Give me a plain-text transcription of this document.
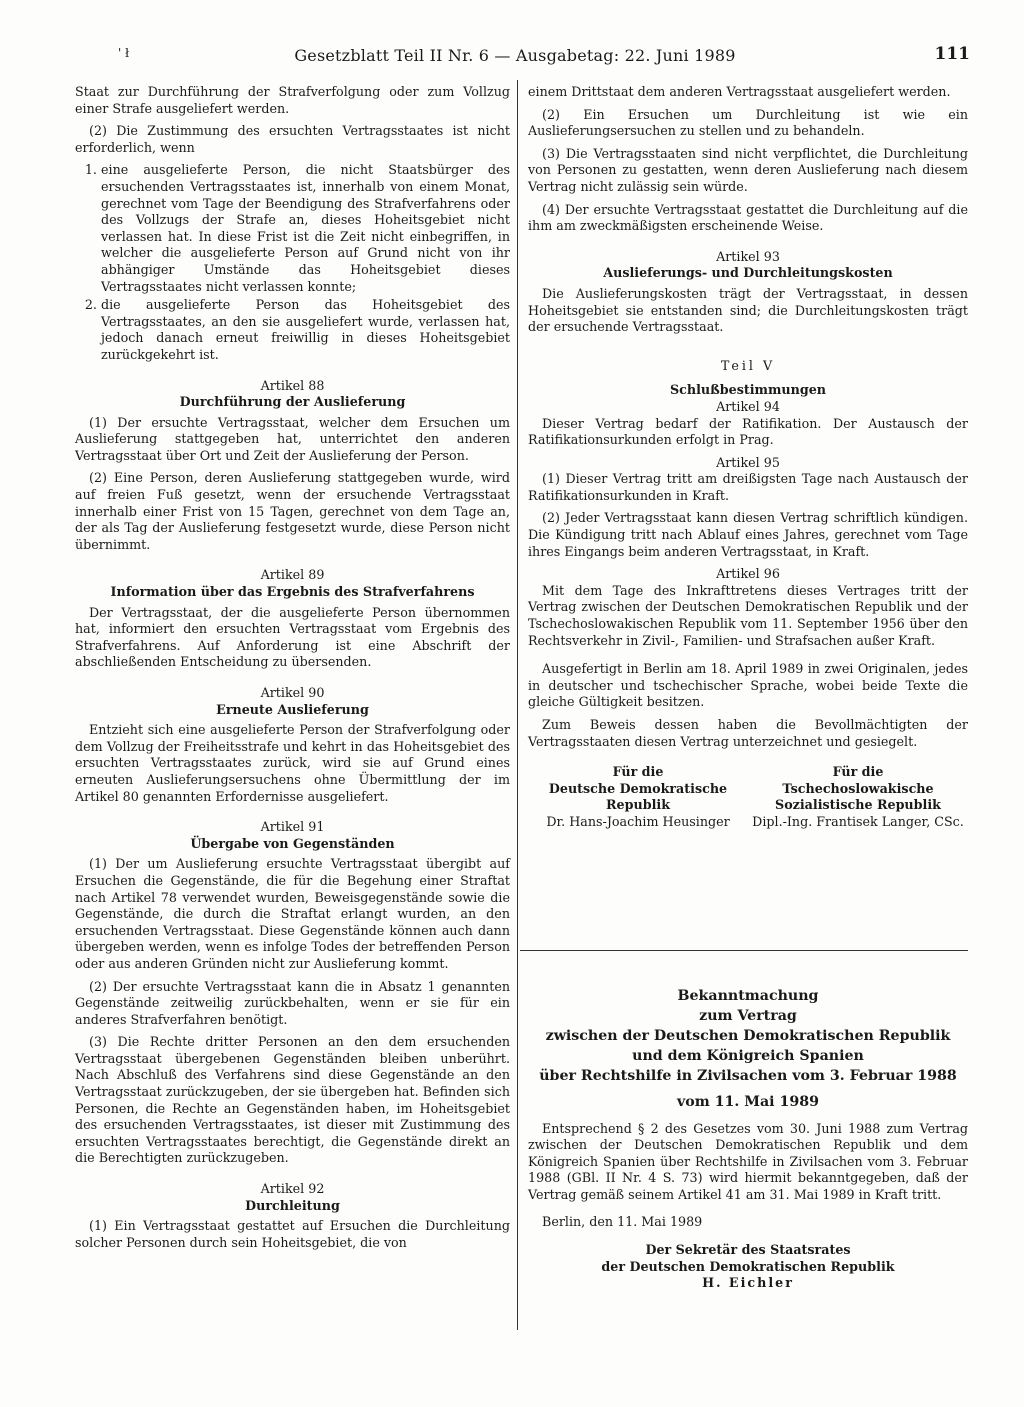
' ł	Gesetzblatt Teil II Nr. 6 — Ausgabetag: 22. Juni 1989	111

Staat zur Durchführung der Strafverfolgung oder zum Vollzug einer Strafe ausgeliefert werden.

(2) Die Zustimmung des ersuchten Vertragsstaates ist nicht erforderlich, wenn

1. eine ausgelieferte Person, die nicht Staatsbürger des ersuchenden Vertragsstaates ist, innerhalb von einem Monat, gerechnet vom Tage der Beendigung des Strafverfahrens oder des Vollzugs der Strafe an, dieses Hoheitsgebiet nicht verlassen hat. In diese Frist ist die Zeit nicht einbegriffen, in welcher die ausgelieferte Person auf Grund nicht von ihr abhängiger Umstände das Hoheitsgebiet dieses Vertragsstaates nicht verlassen konnte;
2. die ausgelieferte Person das Hoheitsgebiet des Vertragsstaates, an den sie ausgeliefert wurde, verlassen hat, jedoch danach erneut freiwillig in dieses Hoheitsgebiet zurückgekehrt ist.
Artikel 88
Durchführung der Auslieferung

(1) Der ersuchte Vertragsstaat, welcher dem Ersuchen um Auslieferung stattgegeben hat, unterrichtet den anderen Vertragsstaat über Ort und Zeit der Auslieferung der Person.

(2) Eine Person, deren Auslieferung stattgegeben wurde, wird auf freien Fuß gesetzt, wenn der ersuchende Vertragsstaat innerhalb einer Frist von 15 Tagen, gerechnet von dem Tage an, der als Tag der Auslieferung festgesetzt wurde, diese Person nicht übernimmt.

Artikel 89
Information über das Ergebnis des Strafverfahrens

Der Vertragsstaat, der die ausgelieferte Person übernommen hat, informiert den ersuchten Vertragsstaat vom Ergebnis des Strafverfahrens. Auf Anforderung ist eine Abschrift der abschließenden Entscheidung zu übersenden.

Artikel 90
Erneute Auslieferung

Entzieht sich eine ausgelieferte Person der Strafverfolgung oder dem Vollzug der Freiheitsstrafe und kehrt in das Hoheitsgebiet des ersuchten Vertragsstaates zurück, wird sie auf Grund eines erneuten Auslieferungsersuchens ohne Übermittlung der im Artikel 80 genannten Erfordernisse ausgeliefert.

Artikel 91
Übergabe von Gegenständen

(1) Der um Auslieferung ersuchte Vertragsstaat übergibt auf Ersuchen die Gegenstände, die für die Begehung einer Straftat nach Artikel 78 verwendet wurden, Beweisgegenstände sowie die Gegenstände, die durch die Straftat erlangt wurden, an den ersuchenden Vertragsstaat. Diese Gegenstände können auch dann übergeben werden, wenn es infolge Todes der betreffenden Person oder aus anderen Gründen nicht zur Auslieferung kommt.

(2) Der ersuchte Vertragsstaat kann die in Absatz 1 genannten Gegenstände zeitweilig zurückbehalten, wenn er sie für ein anderes Strafverfahren benötigt.

(3) Die Rechte dritter Personen an den dem ersuchenden Vertragsstaat übergebenen Gegenständen bleiben unberührt. Nach Abschluß des Verfahrens sind diese Gegenstände an den Vertragsstaat zurückzugeben, der sie übergeben hat. Befinden sich Personen, die Rechte an Gegenständen haben, im Hoheitsgebiet des ersuchenden Vertragsstaates, ist dieser mit Zustimmung des ersuchten Vertragsstaates berechtigt, die Gegenstände direkt an die Berechtigten zurückzugeben.

Artikel 92
Durchleitung

(1) Ein Vertragsstaat gestattet auf Ersuchen die Durchleitung solcher Personen durch sein Hoheitsgebiet, die von

einem Drittstaat dem anderen Vertragsstaat ausgeliefert werden.

(2) Ein Ersuchen um Durchleitung ist wie ein Auslieferungsersuchen zu stellen und zu behandeln.

(3) Die Vertragsstaaten sind nicht verpflichtet, die Durchleitung von Personen zu gestatten, wenn deren Auslieferung nach diesem Vertrag nicht zulässig sein würde.

(4) Der ersuchte Vertragsstaat gestattet die Durchleitung auf die ihm am zweckmäßigsten erscheinende Weise.

Artikel 93
Auslieferungs- und Durchleitungskosten

Die Auslieferungskosten trägt der Vertragsstaat, in dessen Hoheitsgebiet sie entstanden sind; die Durchleitungskosten trägt der ersuchende Vertragsstaat.

Teil V
Schlußbestimmungen
Artikel 94

Dieser Vertrag bedarf der Ratifikation. Der Austausch der Ratifikationsurkunden erfolgt in Prag.

Artikel 95

(1) Dieser Vertrag tritt am dreißigsten Tage nach Austausch der Ratifikationsurkunden in Kraft.

(2) Jeder Vertragsstaat kann diesen Vertrag schriftlich kündigen. Die Kündigung tritt nach Ablauf eines Jahres, gerechnet vom Tage ihres Eingangs beim anderen Vertragsstaat, in Kraft.

Artikel 96

Mit dem Tage des Inkrafttretens dieses Vertrages tritt der Vertrag zwischen der Deutschen Demokratischen Republik und der Tschechoslowakischen Republik vom 11. September 1956 über den Rechtsverkehr in Zivil-, Familien- und Strafsachen außer Kraft.

Ausgefertigt in Berlin am 18. April 1989 in zwei Originalen, jedes in deutscher und tschechischer Sprache, wobei beide Texte die gleiche Gültigkeit besitzen.

Zum Beweis dessen haben die Bevollmächtigten der Vertragsstaaten diesen Vertrag unterzeichnet und gesiegelt.

Für die
Deutsche Demokratische
Republik
Dr. Hans-Joachim Heusinger
Für die
Tschechoslowakische
Sozialistische Republik
Dipl.-Ing. Frantisek Langer, CSc.
Bekanntmachung
zum Vertrag
zwischen der Deutschen Demokratischen Republik
und dem Königreich Spanien
über Rechtshilfe in Zivilsachen vom 3. Februar 1988
vom 11. Mai 1989

Entsprechend § 2 des Gesetzes vom 30. Juni 1988 zum Vertrag zwischen der Deutschen Demokratischen Republik und dem Königreich Spanien über Rechtshilfe in Zivilsachen vom 3. Februar 1988 (GBl. II Nr. 4 S. 73) wird hiermit bekanntgegeben, daß der Vertrag gemäß seinem Artikel 41 am 31. Mai 1989 in Kraft tritt.

Berlin, den 11. Mai 1989

Der Sekretär des Staatsrates
der Deutschen Demokratischen Republik
H. Eichler
